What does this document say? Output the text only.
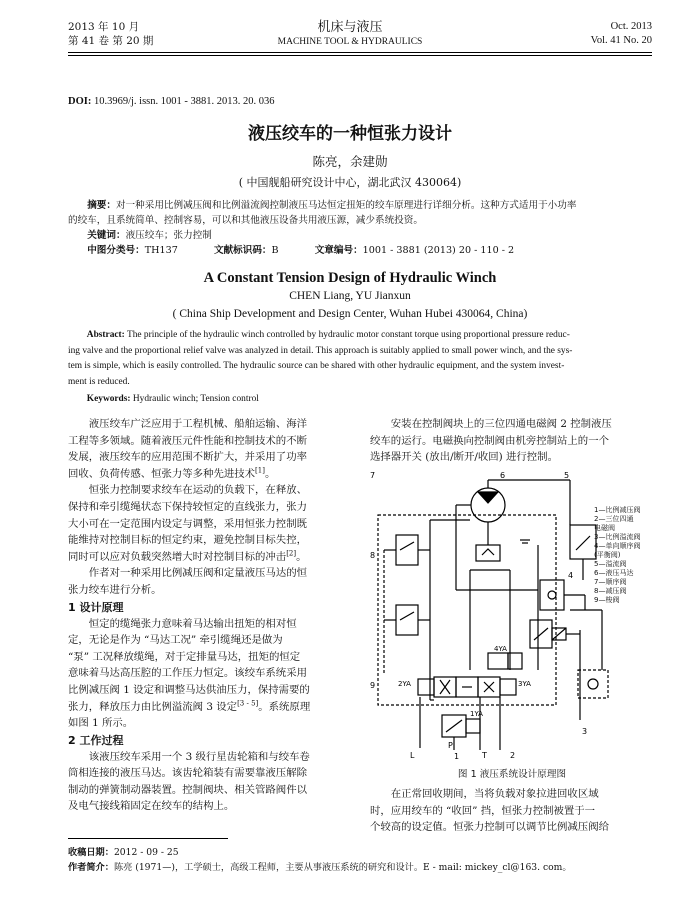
2013 年 10 月
第 41 卷 第 20 期
机床与液压
MACHINE TOOL & HYDRAULICS
Oct. 2013
Vol. 41 No. 20
DOI: 10.3969/j. issn. 1001 - 3881. 2013. 20. 036
液压绞车的一种恒张力设计
陈亮，余建勋
( 中国舰船研究设计中心，湖北武汉 430064)
摘要：对一种采用比例减压阀和比例溢流阀控制液压马达恒定扭矩的绞车原理进行详细分析。这种方式适用于小功率
的绞车，且系统简单、控制容易，可以和其他液压设备共用液压源，减少系统投资。
关键词：液压绞车；张力控制
中图分类号：TH137	文献标识码：B	文章编号：1001 - 3881 (2013) 20 - 110 - 2
A Constant Tension Design of Hydraulic Winch
CHEN Liang, YU Jianxun
( China Ship Development and Design Center, Wuhan Hubei 430064, China)
Abstract: The principle of the hydraulic winch controlled by hydraulic motor constant torque using proportional pressure reduc-
ing valve and the proportional relief valve was analyzed in detail. This approach is suitably applied to small power winch, and the sys-
tem is simple, which is easily controlled. The hydraulic source can be shared with other hydraulic equipment, and the system invest-
ment is reduced.
Keywords: Hydraulic winch; Tension control
液压绞车广泛应用于工程机械、船舶运输、海洋
工程等多领域。随着液压元件性能和控制技术的不断
发展，液压绞车的应用范围不断扩大，并采用了功率
回收、负荷传感、恒张力等多种先进技术[1]。
恒张力控制要求绞车在运动的负载下，在释放、
保持和牵引缆绳状态下保持较恒定的直线张力，张力
大小可在一定范围内设定与调整，采用恒张力控制既
能维持对控制目标的恒定约束，避免控制目标失控，
同时可以应对负载突然增大时对控制目标的冲击[2]。
作者对一种采用比例减压阀和定量液压马达的恒
张力绞车进行分析。
1 设计原理
恒定的缆绳张力意味着马达输出扭矩的相对恒
定，无论是作为 “马达工况” 牵引缆绳还是做为
“泵” 工况释放缆绳，对于定排量马达，扭矩的恒定
意味着马达高压腔的工作压力恒定。该绞车系统采用
比例减压阀 1 设定和调整马达供油压力，保持需要的
张力，释放压力由比例溢流阀 3 设定[3 - 5]。系统原理
如图 1 所示。
2 工作过程
该液压绞车采用一个 3 级行星齿轮箱和与绞车卷
筒相连接的液压马达。该齿轮箱装有需要靠液压解除
制动的弹簧制动器装置。控制阀块、相关管路阀件以
及电气接线箱固定在绞车的结构上。
安装在控制阀块上的三位四通电磁阀 2 控制液压
绞车的运行。电磁换向控制阀由机旁控制站上的一个
选择器开关 (放出/断开/收回) 进行控制。
7	6	5
8
4
9
4YA
2YA	3YA
1YA
L
P
1	T	2
3
1—比例减压阀
2—三位四通
电磁阀
3—比例溢流阀
4—单向顺序阀
(平衡阀)
5—溢流阀
6—液压马达
7—顺序阀
8—减压阀
9—梭阀
图 1 液压系统设计原理图
在正常回收期间，当将负载对象拉进回收区域
时，应用绞车的 “收回” 挡，恒张力控制被置于一
个较高的设定值。恒张力控制可以调节比例减压阀给
收稿日期：2012 - 09 - 25
作者简介：陈亮 (1971—)，工学硕士，高级工程师，主要从事液压系统的研究和设计。E - mail: mickey_cl@163. com。
